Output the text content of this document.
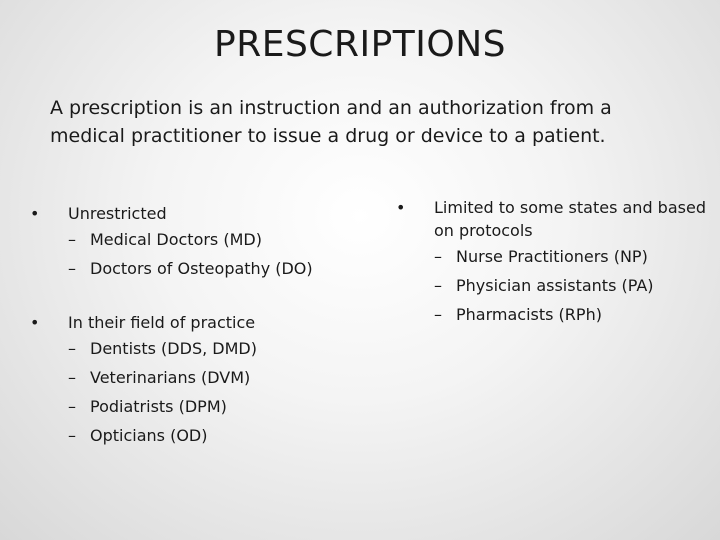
PRESCRIPTIONS
A prescription is an instruction and an authorization from a medical practitioner to issue a drug or device to a patient.
• Unrestricted
– Medical Doctors (MD)
– Doctors of Osteopathy (DO)
• In their field of practice
– Dentists (DDS, DMD)
– Veterinarians (DVM)
– Podiatrists (DPM)
– Opticians (OD)
• Limited to some states and based on protocols
– Nurse Practitioners (NP)
– Physician assistants (PA)
– Pharmacists (RPh)
